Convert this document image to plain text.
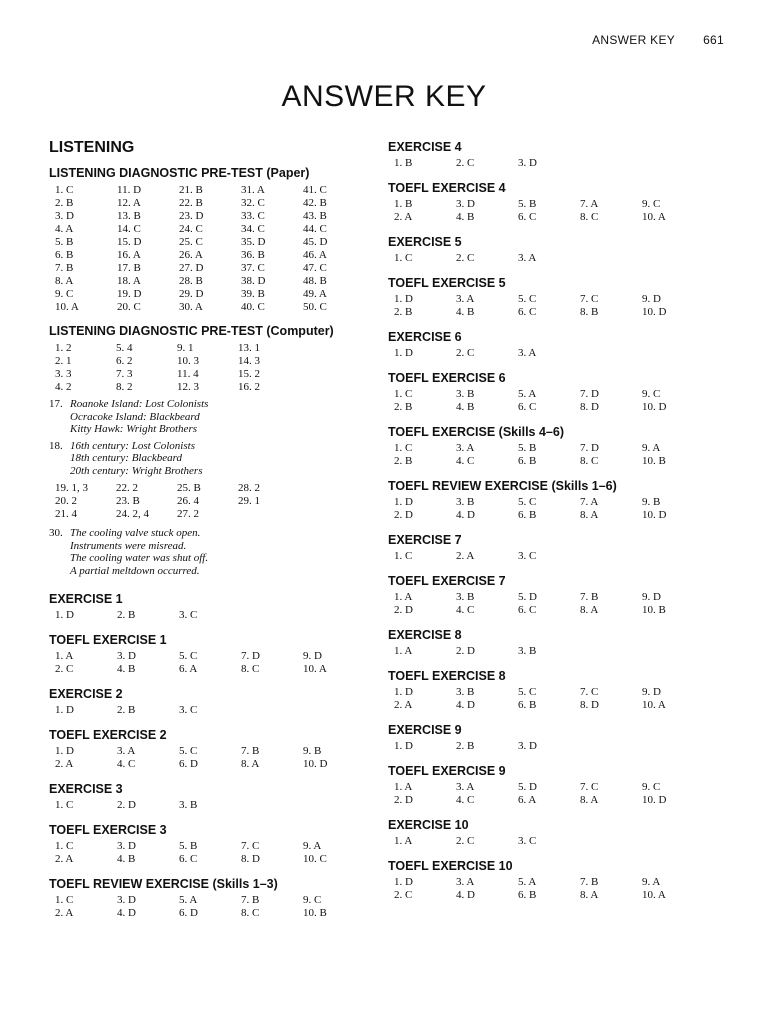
ANSWER KEY 661
ANSWER KEY
LISTENING
LISTENING DIAGNOSTIC PRE-TEST (Paper)
1. C	11. D	21. B	31. A	41. C
2. B	12. A	22. B	32. C	42. B
3. D	13. B	23. D	33. C	43. B
4. A	14. C	24. C	34. C	44. C
5. B	15. D	25. C	35. D	45. D
6. B	16. A	26. A	36. B	46. A
7. B	17. B	27. D	37. C	47. C
8. A	18. A	28. B	38. D	48. B
9. C	19. D	29. D	39. B	49. A
10. A	20. C	30. A	40. C	50. C
LISTENING DIAGNOSTIC PRE-TEST (Computer)
1. 2	5. 4	9. 1	13. 1
2. 1	6. 2	10. 3	14. 3
3. 3	7. 3	11. 4	15. 2
4. 2	8. 2	12. 3	16. 2
17. Roanoke Island: Lost Colonists
Ocracoke Island: Blackbeard
Kitty Hawk: Wright Brothers
18. 16th century: Lost Colonists
18th century: Blackbeard
20th century: Wright Brothers
19. 1, 3	22. 2	25. B	28. 2
20. 2	23. B	26. 4	29. 1
21. 4	24. 2, 4	27. 2
30. The cooling valve stuck open.
Instruments were misread.
The cooling water was shut off.
A partial meltdown occurred.
EXERCISE 1
1. D	2. B	3. C
TOEFL EXERCISE 1
1. A	3. D	5. C	7. D	9. D
2. C	4. B	6. A	8. C	10. A
EXERCISE 2
1. D	2. B	3. C
TOEFL EXERCISE 2
1. D	3. A	5. C	7. B	9. B
2. A	4. C	6. D	8. A	10. D
EXERCISE 3
1. C	2. D	3. B
TOEFL EXERCISE 3
1. C	3. D	5. B	7. C	9. A
2. A	4. B	6. C	8. D	10. C
TOEFL REVIEW EXERCISE (Skills 1–3)
1. C	3. D	5. A	7. B	9. C
2. A	4. D	6. D	8. C	10. B
EXERCISE 4
1. B	2. C	3. D
TOEFL EXERCISE 4
1. B	3. D	5. B	7. A	9. C
2. A	4. B	6. C	8. C	10. A
EXERCISE 5
1. C	2. C	3. A
TOEFL EXERCISE 5
1. D	3. A	5. C	7. C	9. D
2. B	4. B	6. C	8. B	10. D
EXERCISE 6
1. D	2. C	3. A
TOEFL EXERCISE 6
1. C	3. B	5. A	7. D	9. C
2. B	4. B	6. C	8. D	10. D
TOEFL EXERCISE (Skills 4–6)
1. C	3. A	5. B	7. D	9. A
2. B	4. C	6. B	8. C	10. B
TOEFL REVIEW EXERCISE (Skills 1–6)
1. D	3. B	5. C	7. A	9. B
2. D	4. D	6. B	8. A	10. D
EXERCISE 7
1. C	2. A	3. C
TOEFL EXERCISE 7
1. A	3. B	5. D	7. B	9. D
2. D	4. C	6. C	8. A	10. B
EXERCISE 8
1. A	2. D	3. B
TOEFL EXERCISE 8
1. D	3. B	5. C	7. C	9. D
2. A	4. D	6. B	8. D	10. A
EXERCISE 9
1. D	2. B	3. D
TOEFL EXERCISE 9
1. A	3. A	5. D	7. C	9. C
2. D	4. C	6. A	8. A	10. D
EXERCISE 10
1. A	2. C	3. C
TOEFL EXERCISE 10
1. D	3. A	5. A	7. B	9. A
2. C	4. D	6. B	8. A	10. A
